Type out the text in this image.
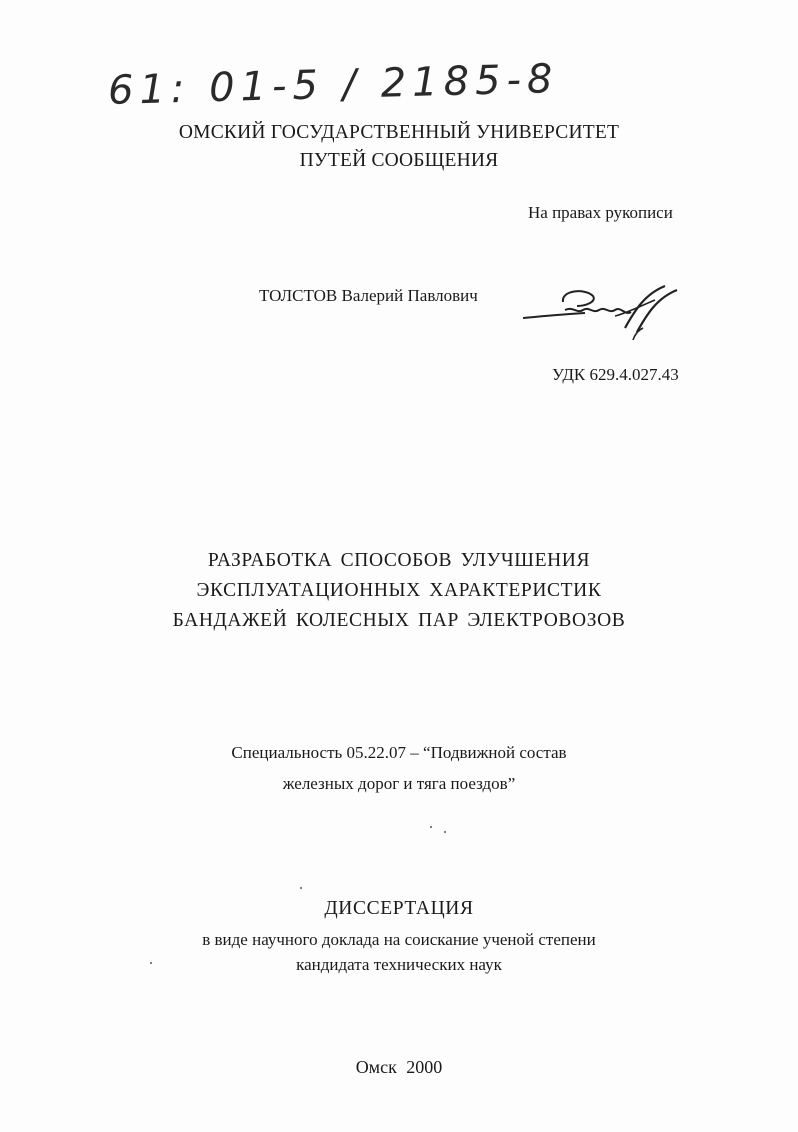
61: 01-5 / 2185-8
ОМСКИЙ ГОСУДАРСТВЕННЫЙ УНИВЕРСИТЕТ
ПУТЕЙ СООБЩЕНИЯ
На правах рукописи
ТОЛСТОВ Валерий Павлович
УДК 629.4.027.43
РАЗРАБОТКА СПОСОБОВ УЛУЧШЕНИЯ
ЭКСПЛУАТАЦИОННЫХ ХАРАКТЕРИСТИК
БАНДАЖЕЙ КОЛЕСНЫХ ПАР ЭЛЕКТРОВОЗОВ
Специальность 05.22.07 – “Подвижной состав
железных дорог и тяга поездов”
ДИССЕРТАЦИЯ
в виде научного доклада на соискание ученой степени
кандидата технических наук
Омск 2000
